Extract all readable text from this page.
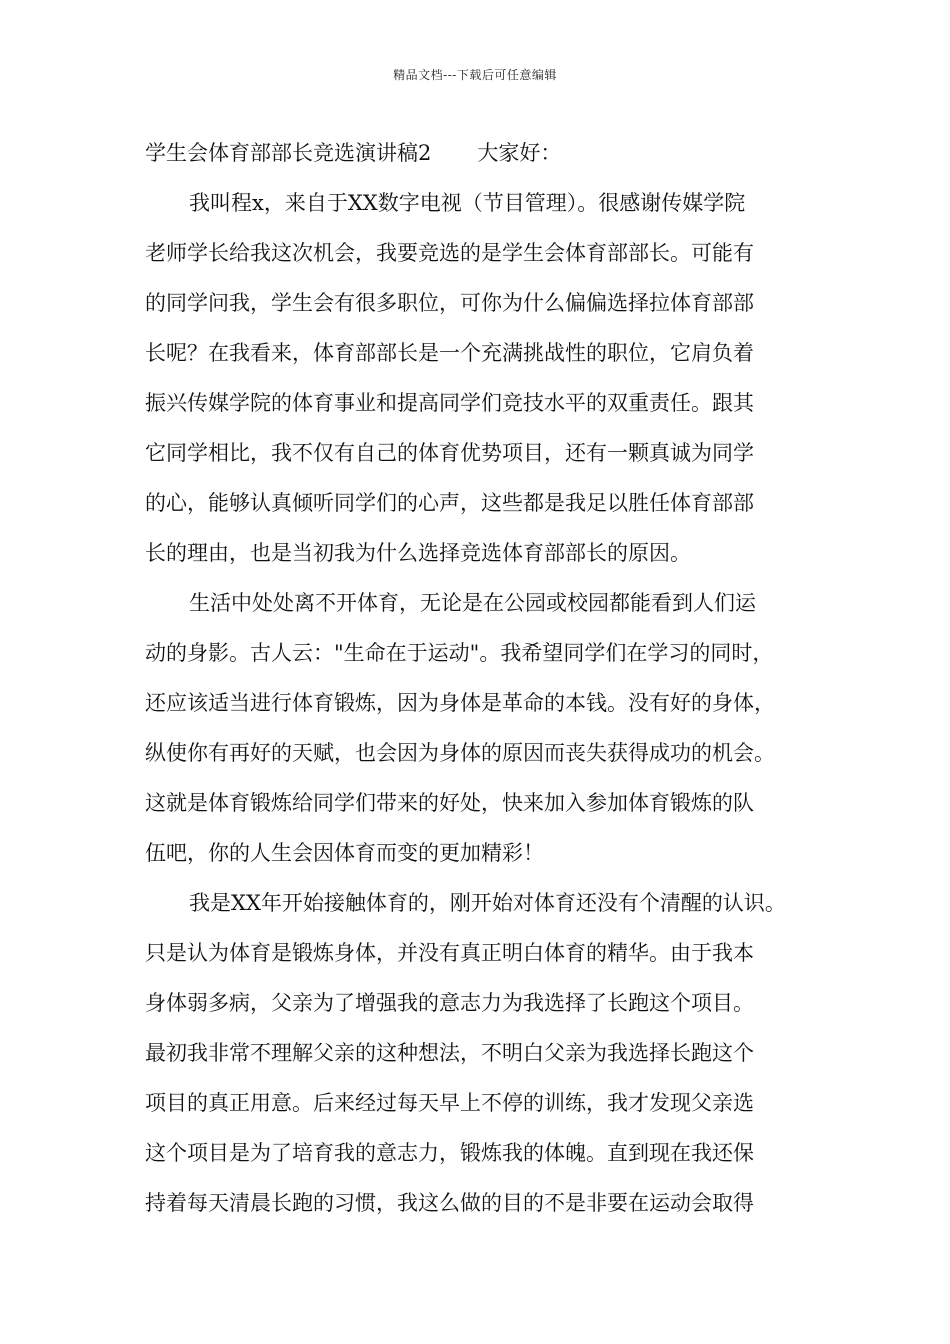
精品文档---下载后可任意编辑
学生会体育部部长竞选演讲稿2 大家好：
我叫程x，来自于XX数字电视（节目管理）。很感谢传媒学院
老师学长给我这次机会，我要竞选的是学生会体育部部长。可能有
的同学问我，学生会有很多职位，可你为什么偏偏选择拉体育部部
长呢？在我看来，体育部部长是一个充满挑战性的职位，它肩负着
振兴传媒学院的体育事业和提高同学们竞技水平的双重责任。跟其
它同学相比，我不仅有自己的体育优势项目，还有一颗真诚为同学
的心，能够认真倾听同学们的心声，这些都是我足以胜任体育部部
长的理由，也是当初我为什么选择竞选体育部部长的原因。
生活中处处离不开体育，无论是在公园或校园都能看到人们运
动的身影。古人云："生命在于运动"。我希望同学们在学习的同时，
还应该适当进行体育锻炼，因为身体是革命的本钱。没有好的身体，
纵使你有再好的天赋，也会因为身体的原因而丧失获得成功的机会。
这就是体育锻炼给同学们带来的好处，快来加入参加体育锻炼的队
伍吧，你的人生会因体育而变的更加精彩！
我是XX年开始接触体育的，刚开始对体育还没有个清醒的认识。
只是认为体育是锻炼身体，并没有真正明白体育的精华。由于我本
身体弱多病，父亲为了增强我的意志力为我选择了长跑这个项目。
最初我非常不理解父亲的这种想法，不明白父亲为我选择长跑这个
项目的真正用意。后来经过每天早上不停的训练，我才发现父亲选
这个项目是为了培育我的意志力，锻炼我的体魄。直到现在我还保
持着每天清晨长跑的习惯，我这么做的目的不是非要在运动会取得
